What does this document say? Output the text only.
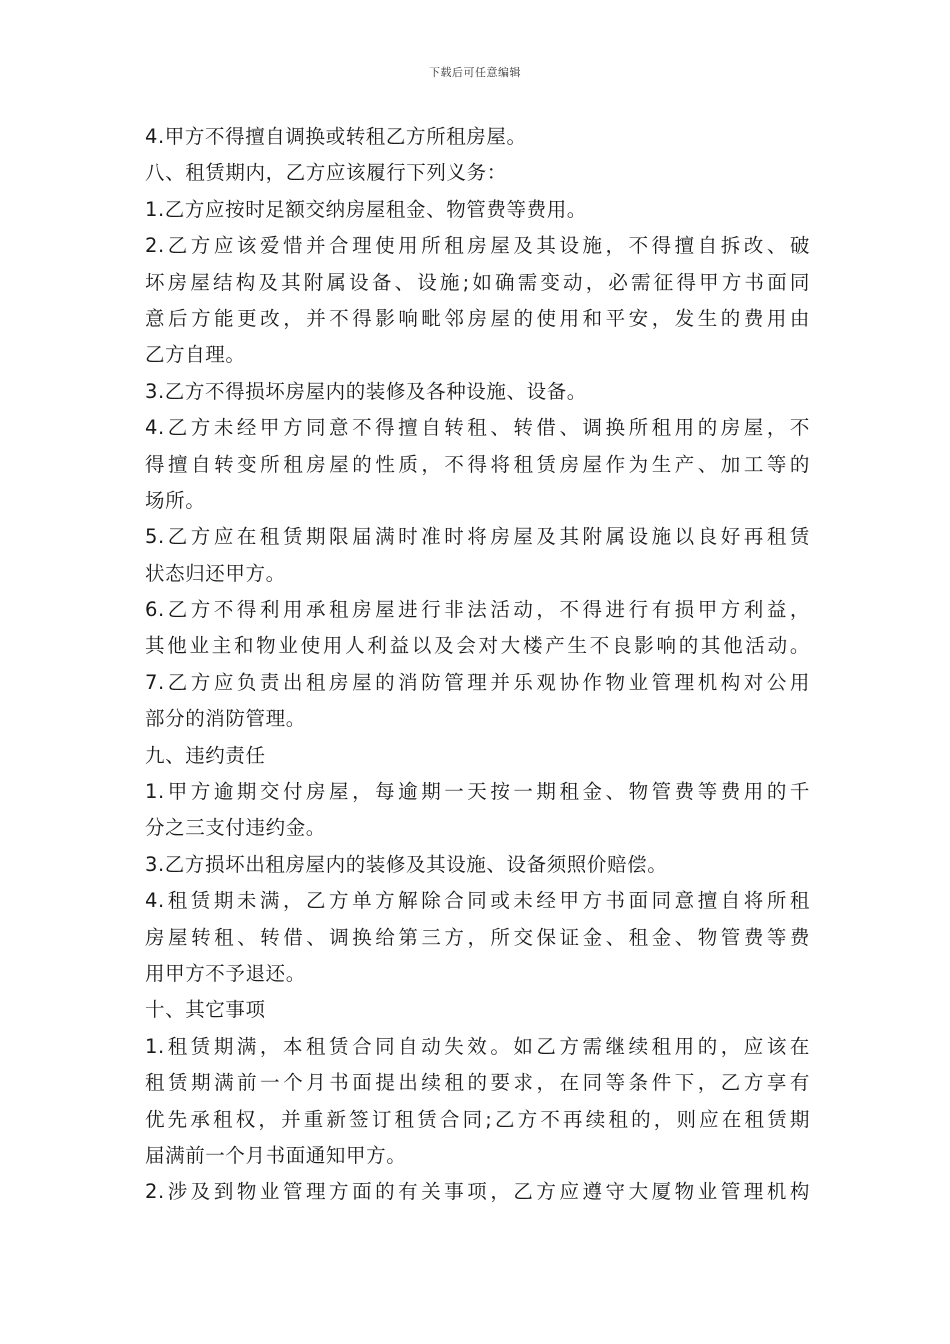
下载后可任意编辑
4.甲方不得擅自调换或转租乙方所租房屋。
八、租赁期内，乙方应该履行下列义务：
1.乙方应按时足额交纳房屋租金、物管费等费用。
2.乙方应该爱惜并合理使用所租房屋及其设施，不得擅自拆改、破
坏房屋结构及其附属设备、设施;如确需变动，必需征得甲方书面同
意后方能更改，并不得影响毗邻房屋的使用和平安，发生的费用由
乙方自理。
3.乙方不得损坏房屋内的装修及各种设施、设备。
4.乙方未经甲方同意不得擅自转租、转借、调换所租用的房屋，不
得擅自转变所租房屋的性质，不得将租赁房屋作为生产、加工等的
场所。
5.乙方应在租赁期限届满时准时将房屋及其附属设施以良好再租赁
状态归还甲方。
6.乙方不得利用承租房屋进行非法活动，不得进行有损甲方利益，
其他业主和物业使用人利益以及会对大楼产生不良影响的其他活动。
7.乙方应负责出租房屋的消防管理并乐观协作物业管理机构对公用
部分的消防管理。
九、违约责任
1.甲方逾期交付房屋，每逾期一天按一期租金、物管费等费用的千
分之三支付违约金。
3.乙方损坏出租房屋内的装修及其设施、设备须照价赔偿。
4.租赁期未满，乙方单方解除合同或未经甲方书面同意擅自将所租
房屋转租、转借、调换给第三方，所交保证金、租金、物管费等费
用甲方不予退还。
十、其它事项
1.租赁期满，本租赁合同自动失效。如乙方需继续租用的，应该在
租赁期满前一个月书面提出续租的要求，在同等条件下，乙方享有
优先承租权，并重新签订租赁合同;乙方不再续租的，则应在租赁期
届满前一个月书面通知甲方。
2.涉及到物业管理方面的有关事项，乙方应遵守大厦物业管理机构
